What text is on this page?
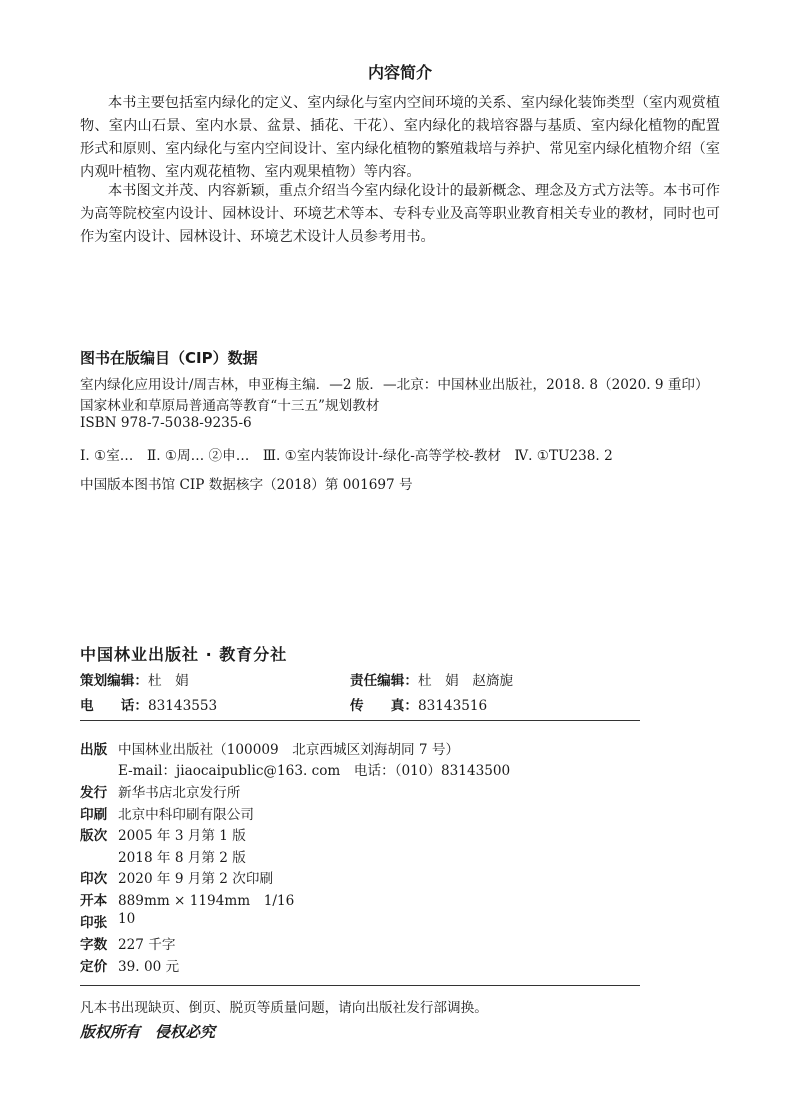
内容简介

本书主要包括室内绿化的定义、室内绿化与室内空间环境的关系、室内绿化装饰类型（室内观赏植物、室内山石景、室内水景、盆景、插花、干花）、室内绿化的栽培容器与基质、室内绿化植物的配置形式和原则、室内绿化与室内空间设计、室内绿化植物的繁殖栽培与养护、常见室内绿化植物介绍（室内观叶植物、室内观花植物、室内观果植物）等内容。

本书图文并茂、内容新颖，重点介绍当今室内绿化设计的最新概念、理念及方式方法等。本书可作为高等院校室内设计、园林设计、环境艺术等本、专科专业及高等职业教育相关专业的教材，同时也可作为室内设计、园林设计、环境艺术设计人员参考用书。

图书在版编目（CIP）数据
室内绿化应用设计/周吉林，申亚梅主编．—2 版．—北京：中国林业出版社，2018. 8（2020. 9 重印）
国家林业和草原局普通高等教育“十三五”规划教材
ISBN 978-7-5038-9235-6
Ⅰ. ①室…　Ⅱ. ①周… ②申…　Ⅲ. ①室内装饰设计-绿化-高等学校-教材　Ⅳ. ①TU238. 2
中国版本图书馆 CIP 数据核字（2018）第 001697 号
中国林业出版社 · 教育分社
策划编辑：杜　娟	责任编辑：杜　娟　赵旖旎
电　　话：83143553	传　　真：83143516
出版 中国林业出版社（100009　北京西城区刘海胡同 7 号）
E-mail：jiaocaipublic@163. com　电话：（010）83143500
发行 新华书店北京发行所
印刷 北京中科印刷有限公司
版次 2005 年 3 月第 1 版
2018 年 8 月第 2 版
印次 2020 年 9 月第 2 次印刷
开本 889mm × 1194mm　1/16
印张 10
字数 227 千字
定价 39. 00 元
凡本书出现缺页、倒页、脱页等质量问题，请向出版社发行部调换。
版权所有　侵权必究
